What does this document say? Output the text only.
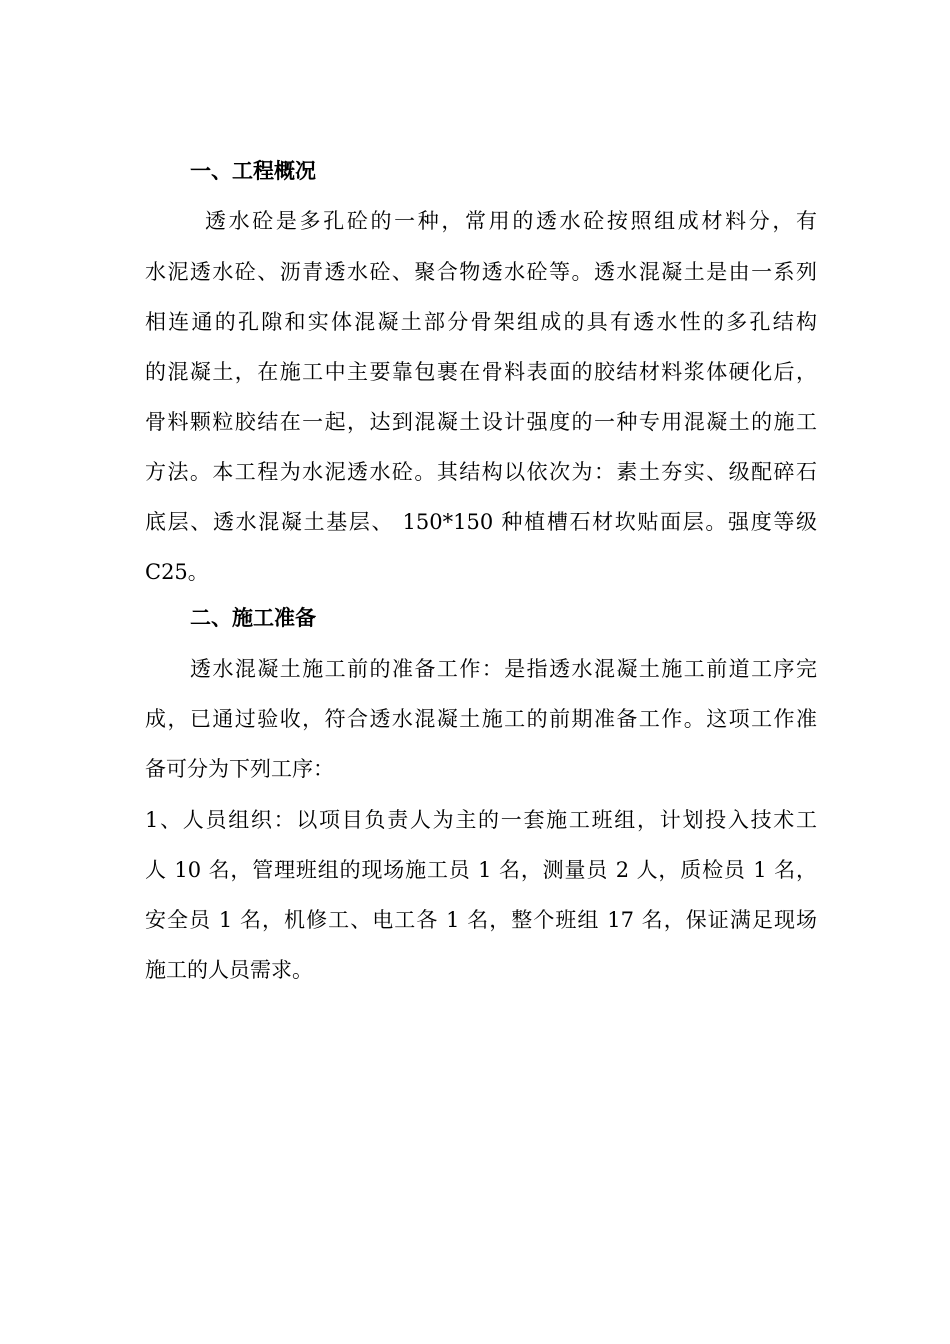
一、工程概况

透水砼是多孔砼的一种，常用的透水砼按照组成材料分，有

水泥透水砼、沥青透水砼、聚合物透水砼等。透水混凝土是由一系列

相连通的孔隙和实体混凝土部分骨架组成的具有透水性的多孔结构

的混凝土，在施工中主要靠包裹在骨料表面的胶结材料浆体硬化后，

骨料颗粒胶结在一起，达到混凝土设计强度的一种专用混凝土的施工

方法。本工程为水泥透水砼。其结构以依次为：素土夯实、级配碎石

底层、透水混凝土基层、 150*150 种植槽石材坎贴面层。强度等级

C25。

二、施工准备

透水混凝土施工前的准备工作：是指透水混凝土施工前道工序完

成，已通过验收，符合透水混凝土施工的前期准备工作。这项工作准

备可分为下列工序：

1、人员组织：以项目负责人为主的一套施工班组，计划投入技术工

人 10 名，管理班组的现场施工员 1 名，测量员 2 人，质检员 1 名，

安全员 1 名，机修工、电工各 1 名，整个班组 17 名，保证满足现场

施工的人员需求。
